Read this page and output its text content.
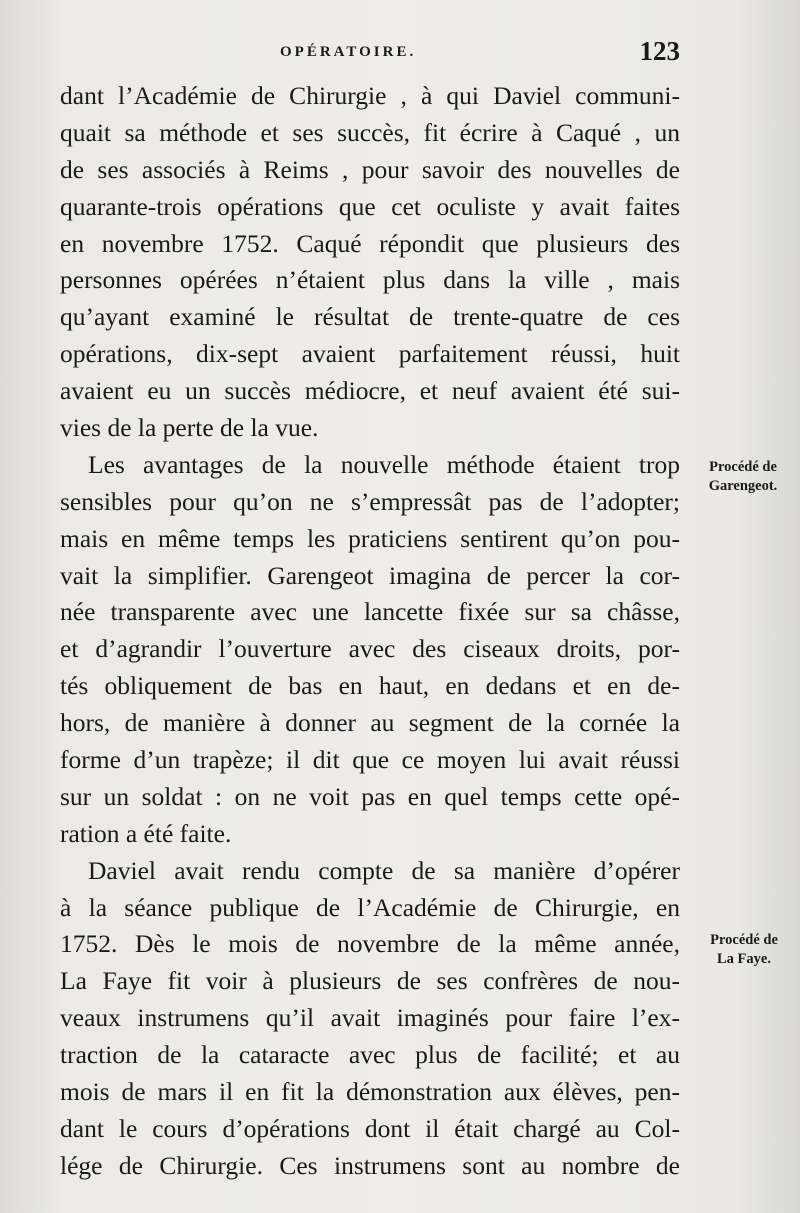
OPÉRATOIRE.	123
dant l’Académie de Chirurgie , à qui Daviel communi-
quait sa méthode et ses succès, fit écrire à Caqué , un
de ses associés à Reims , pour savoir des nouvelles de
quarante-trois opérations que cet oculiste y avait faites
en novembre 1752. Caqué répondit que plusieurs des
personnes opérées n’étaient plus dans la ville , mais
qu’ayant examiné le résultat de trente-quatre de ces
opérations, dix-sept avaient parfaitement réussi, huit
avaient eu un succès médiocre, et neuf avaient été sui-
vies de la perte de la vue.
Les avantages de la nouvelle méthode étaient trop
sensibles pour qu’on ne s’empressât pas de l’adopter;
mais en même temps les praticiens sentirent qu’on pou-
vait la simplifier. Garengeot imagina de percer la cor-
née transparente avec une lancette fixée sur sa châsse,
et d’agrandir l’ouverture avec des ciseaux droits, por-
tés obliquement de bas en haut, en dedans et en de-
hors, de manière à donner au segment de la cornée la
forme d’un trapèze; il dit que ce moyen lui avait réussi
sur un soldat : on ne voit pas en quel temps cette opé-
ration a été faite.
Daviel avait rendu compte de sa manière d’opérer
à la séance publique de l’Académie de Chirurgie, en
1752. Dès le mois de novembre de la même année,
La Faye fit voir à plusieurs de ses confrères de nou-
veaux instrumens qu’il avait imaginés pour faire l’ex-
traction de la cataracte avec plus de facilité; et au
mois de mars il en fit la démonstration aux élèves, pen-
dant le cours d’opérations dont il était chargé au Col-
lége de Chirurgie. Ces instrumens sont au nombre de
Procédé de
Garengeot.
Procédé de
La Faye.
